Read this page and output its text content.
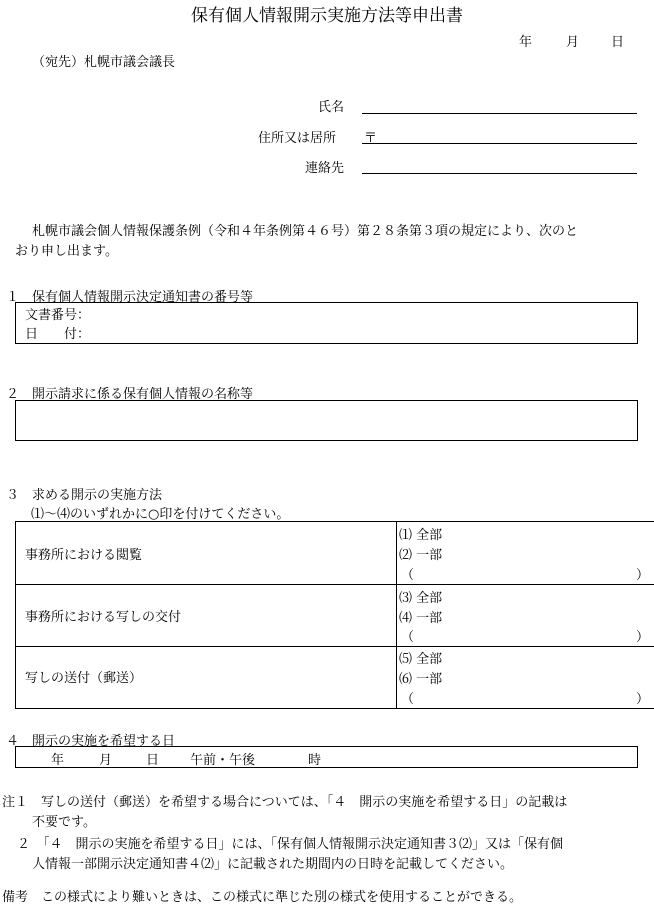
保有個人情報開示実施方法等申出書
年	月 日
（宛先）札幌市議会議長
氏名
住所又は居所 〒
連絡先
札幌市議会個人情報保護条例（令和４年条例第４６号）第２８条第３項の規定により、次のと
おり申し出ます。
１　保有個人情報開示決定通知書の番号等
文書番号：
日　　付：
２　開示請求に係る保有個人情報の名称等
３　求める開示の実施方法
⑴～⑷のいずれかに○印を付けてください。
事務所における閲覧
⑴ 全部
⑵ 一部
（	）
事務所における写しの交付
⑶ 全部
⑷ 一部
（	）
写しの送付（郵送）
⑸ 全部
⑹ 一部
（	）
４　開示の実施を希望する日
年	月	日 午前・午後	時
注１　写しの送付（郵送）を希望する場合については、「４　開示の実施を希望する日」の記載は
不要です。
２　「４　開示の実施を希望する日」には、「保有個人情報開示決定通知書３⑵」又は「保有個
人情報一部開示決定通知書４⑵」に記載された期間内の日時を記載してください。
備考　この様式により難いときは、この様式に準じた別の様式を使用することができる。
